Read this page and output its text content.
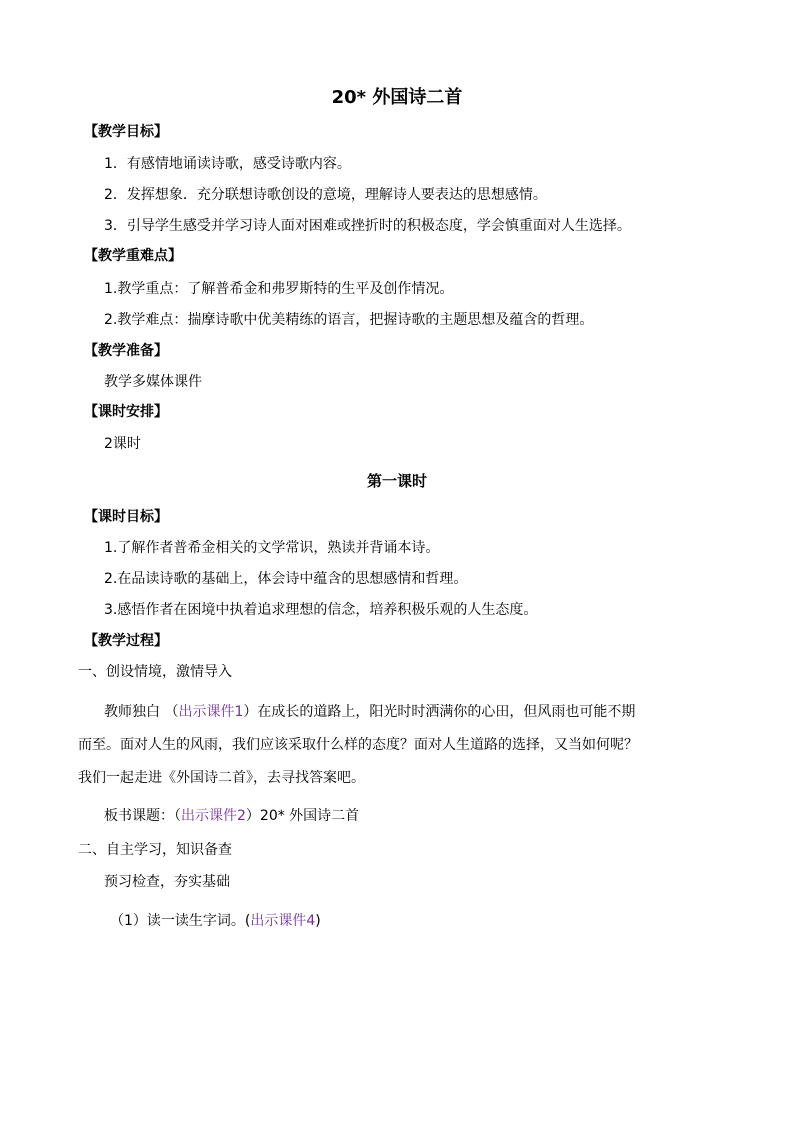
20* 外国诗二首
【教学目标】
1．有感情地诵读诗歌，感受诗歌内容。
2．发挥想象．充分联想诗歌创设的意境，理解诗人要表达的思想感情。
3．引导学生感受并学习诗人面对困难或挫折时的积极态度，学会慎重面对人生选择。
【教学重难点】
1.教学重点：了解普希金和弗罗斯特的生平及创作情况。
2.教学难点：揣摩诗歌中优美精练的语言，把握诗歌的主题思想及蕴含的哲理。
【教学准备】
教学多媒体课件
【课时安排】
2课时
第一课时
【课时目标】
1.了解作者普希金相关的文学常识，熟读并背诵本诗。
2.在品读诗歌的基础上，体会诗中蕴含的思想感情和哲理。
3.感悟作者在困境中执着追求理想的信念，培养积极乐观的人生态度。
【教学过程】
一、创设情境，激情导入
教师独白 （出示课件1）在成长的道路上，阳光时时洒满你的心田，但风雨也可能不期
而至。面对人生的风雨，我们应该采取什么样的态度？面对人生道路的选择，又当如何呢？
我们一起走进《外国诗二首》，去寻找答案吧。
板书课题：（出示课件2）20* 外国诗二首
二、自主学习，知识备查
预习检查，夯实基础
（1）读一读生字词。(出示课件4)
